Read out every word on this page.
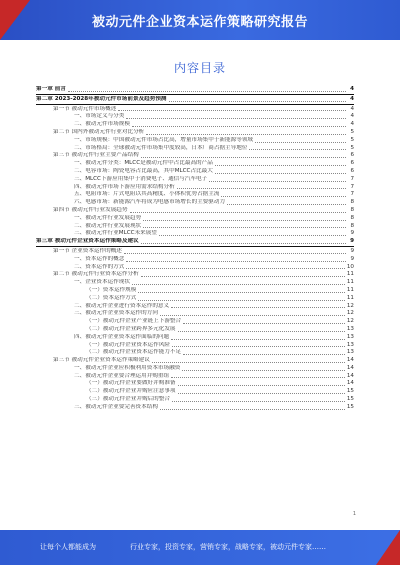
被动元件企业资本运作策略研究报告
内容目录
第一章 前言	4
第二章 2023-2028年被动元件市场前景及趋势预测	4
第一节 被动元件市场概述	4
一、市场定义与分类	4
二、被动元件市场规模	4
第二节 国内外被动元件行业对比分析	5
一、市场规模：中国被动元件市场占比高，增量市场集中于新能源等领域	5
二、市场格局：全球被动元件市场集中度较高，日本厂商占据主导地位	5
第三节 被动元件行业主要产品结构	6
一、被动元件分类：MLCC是被动元件中占比最高的产品	6
二、电容市场：陶瓷电容占比最高，其中MLCC占比最大	6
三、MLCC下游应用集中于消费电子、通信与汽车电子	7
四、被动元件市场下游应用需求结构分析	7
五、电阻市场：片式电阻以其高精度、小体积优势占据主流	7
六、电感市场：新能源汽车将成为电感市场增长的主要驱动力	8
第四节 被动元件行业发展趋势	8
一、被动元件行业发展趋势	8
二、被动元件行业发展现状	8
三、被动元件行业MLCC未来展望	9
第三章 被动元件企业资本运作策略及建议	9
第一节 企业资本运作的概述	9
一、资本运作的概念	9
二、资本运作的方式	10
第二节 被动元件行业资本运作分析	11
一、企业资本运作现状	11
（一）资本运作规模	11
（二）资本运作方式	11
二、被动元件企业进行资本运作的意义	12
三、被动元件企业资本运作的方向	12
（一）被动元件企业产业链上下游整合	12
（二）被动元件企业跨界多元化发展	13
四、被动元件企业资本运作面临的问题	13
（一）被动元件企业资本运作风险	13
（二）被动元件企业资本运作能力不足	13
第三节 被动元件企业资本运作策略建议	14
一、被动元件企业应积极利用资本市场融资	14
二、被动元件企业要合理运用并购重组	14
（一）被动元件企业要做好并购准备	14
（二）被动元件企业并购应注意事项	15
（三）被动元件企业并购后的整合	15
三、被动元件企业要完善资本结构	15
1
让每个人都能成为	行业专家，投资专家，营销专家，战略专家，被动元件专家……
